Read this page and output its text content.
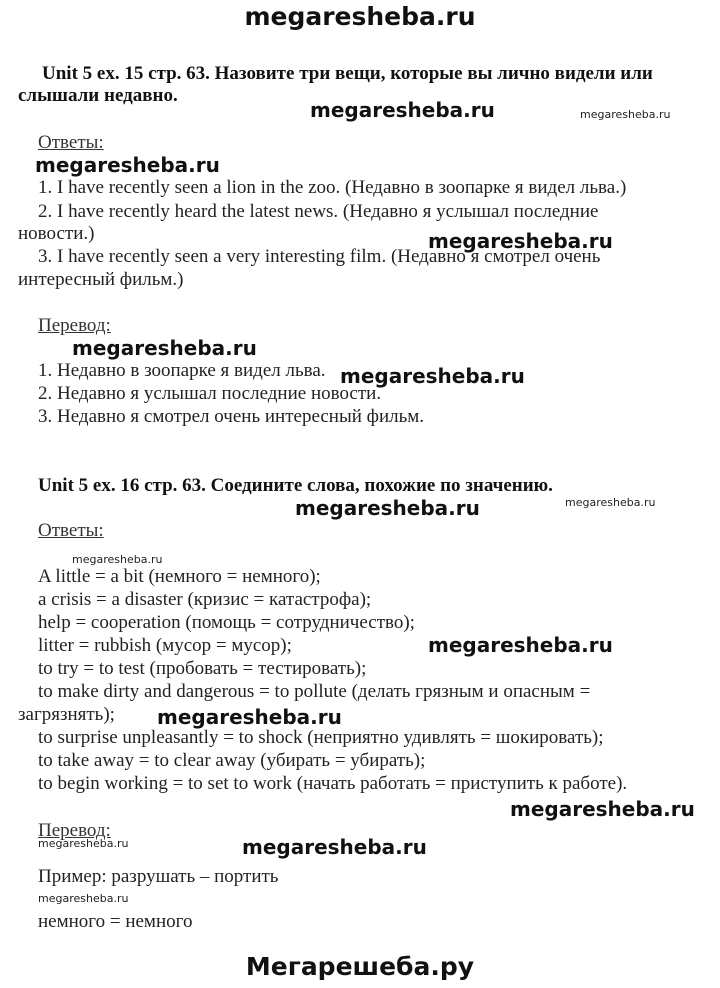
megaresheba.ru
Unit 5 ex. 15 стр. 63. Назовите три вещи, которые вы лично видели или
слышали недавно.
Ответы:
1. I have recently seen a lion in the zoo. (Недавно в зоопарке я видел льва.)
2. I have recently heard the latest news. (Недавно я услышал последние
новости.)
3. I have recently seen a very interesting film. (Недавно я смотрел очень
интересный фильм.)
Перевод:
1. Недавно в зоопарке я видел льва.
2. Недавно я услышал последние новости.
3. Недавно я смотрел очень интересный фильм.
Unit 5 ex. 16 стр. 63. Соедините слова, похожие по значению.
Ответы:
A little = a bit (немного = немного);
a crisis = a disaster (кризис = катастрофа);
help = cooperation (помощь = сотрудничество);
litter = rubbish (мусор = мусор);
to try = to test (пробовать = тестировать);
to make dirty and dangerous = to pollute (делать грязным и опасным =
загрязнять);
to surprise unpleasantly = to shock (неприятно удивлять = шокировать);
to take away = to clear away (убирать = убирать);
to begin working = to set to work (начать работать = приступить к работе).
Перевод:
Пример: разрушать – портить
немного = немного
megaresheba.ru	megaresheba.ru
megaresheba.ru
megaresheba.ru
megaresheba.ru
megaresheba.ru
megaresheba.ru	megaresheba.ru
megaresheba.ru
megaresheba.ru
megaresheba.ru
megaresheba.ru
megaresheba.ru	megaresheba.ru
megaresheba.ru
Мегарешеба.ру
